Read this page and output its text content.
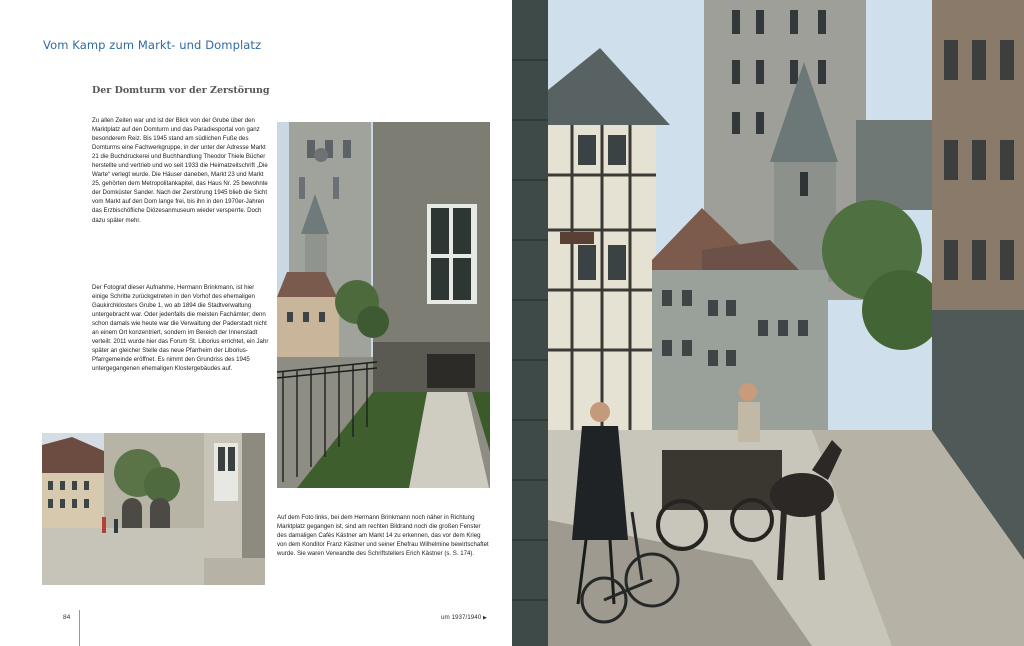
Vom Kamp zum Markt- und Domplatz
Der Domturm vor der Zerstörung

Zu allen Zeiten war und ist der Blick von der Grube über den Marktplatz auf den Domturm und das Paradiesportal von ganz besonderem Reiz. Bis 1945 stand am südlichen Fuße des Domturms eine Fachwerkgruppe, in der unter der Adresse Markt 21 die Buchdruckerei und Buchhandlung Theodor Thiele Bücher herstellte und vertrieb und wo seit 1933 die Heimatzeitschrift „Die Warte“ verlegt wurde. Die Häuser daneben, Markt 23 und Markt 25, gehörten dem Metropolitankapitel, das Haus Nr. 25 bewohnte der Domküster Sander. Nach der Zerstörung 1945 blieb die Sicht vom Markt auf den Dom lange frei, bis ihn in den 1970er-Jahren das Erzbischöfliche Diözesanmuseum wieder versperrte. Doch dazu später mehr.

Der Fotograf dieser Aufnahme, Hermann Brinkmann, ist hier einige Schritte zurückgetreten in den Vorhof des ehemaligen Gaukirchklosters Grube 1, wo ab 1894 die Stadtverwaltung untergebracht war. Oder jedenfalls die meisten Fachämter; denn schon damals wie heute war die Verwaltung der Paderstadt nicht an einem Ort konzentriert, sondern im Bereich der Innenstadt verteilt. 2011 wurde hier das Forum St. Liborius errichtet, ein Jahr später an gleicher Stelle das neue Pfarrheim der Liborius-Pfarrgemeinde eröffnet. Es nimmt den Grundriss des 1945 untergegangenen ehemaligen Klostergebäudes auf.

Auf dem Foto links, bei dem Hermann Brinkmann noch näher in Richtung Marktplatz gegangen ist, sind am rechten Bildrand noch die großen Fenster des damaligen Cafés Kästner am Markt 14 zu erkennen, das vor dem Krieg von dem Konditor Franz Kästner und seiner Ehefrau Wilhelmine bewirtschaftet wurde. Sie waren Verwandte des Schriftstellers Erich Kästner (s. S. 174).

84	um 1937/1940 ▶
